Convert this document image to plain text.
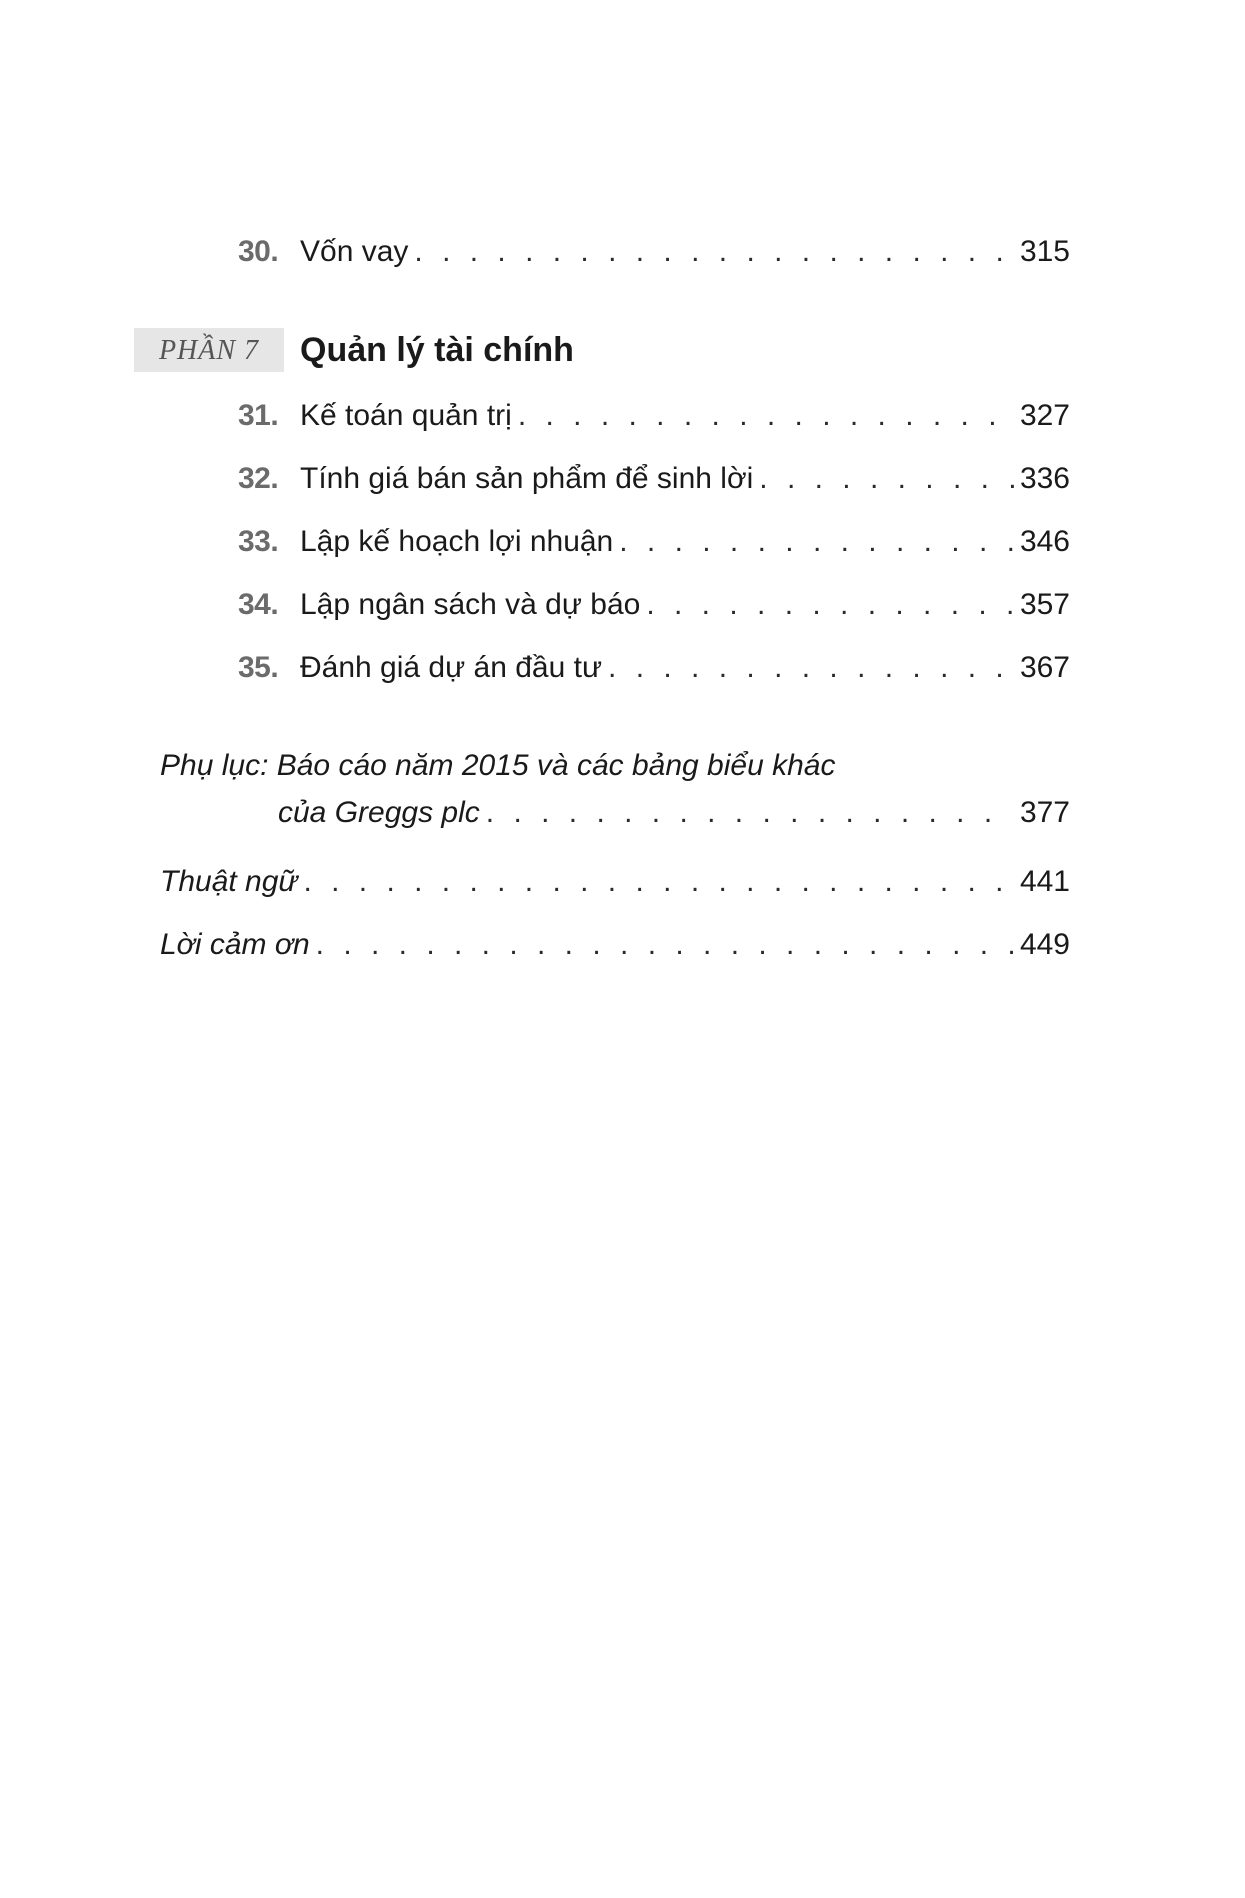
30. Vốn vay . . .	315
PHẦN 7	Quản lý tài chính
31. Kế toán quản trị . . .	327
32. Tính giá bán sản phẩm để sinh lời . . .	336
33. Lập kế hoạch lợi nhuận . . .	346
34. Lập ngân sách và dự báo . . .	357
35. Đánh giá dự án đầu tư . . .	367
Phụ lục: Báo cáo năm 2015 và các bảng biểu khác
của Greggs plc . . .	377
Thuật ngữ . . .	441
Lời cảm ơn . . .	449
